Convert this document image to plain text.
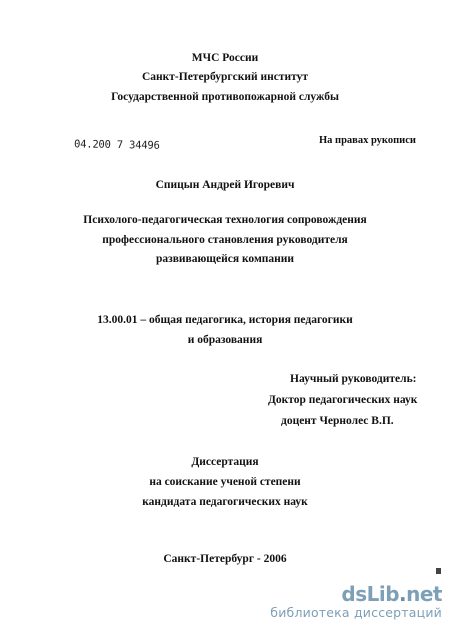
МЧС России
Санкт-Петербургский институт
Государственной противопожарной службы
04.200 7 34496	На правах рукописи
Спицын Андрей Игоревич
Психолого-педагогическая технология сопровождения
профессионального становления руководителя
развивающейся компании
13.00.01 – общая педагогика, история педагогики
и образования
Научный руководитель:
Доктор педагогических наук
доцент Чернолес В.П.
Диссертация
на соискание ученой степени
кандидата педагогических наук
Санкт-Петербург - 2006
dsLib.net
библиотека диссертаций
